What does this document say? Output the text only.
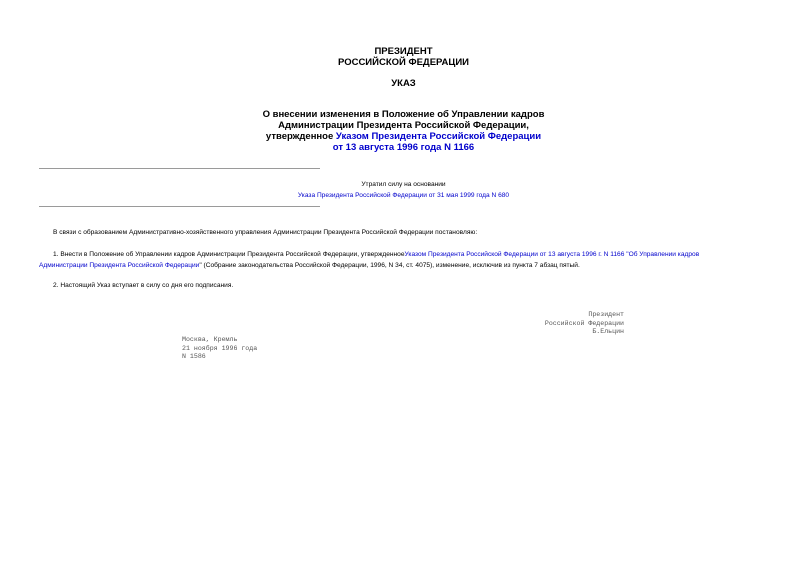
ПРЕЗИДЕНТ
РОССИЙСКОЙ ФЕДЕРАЦИИ
УКАЗ
О внесении изменения в Положение об Управлении кадров
Администрации Президента Российской Федерации,
утвержденное Указом Президента Российской Федерации
от 13 августа 1996 года N 1166
Утратил силу на основании
Указа Президента Российской Федерации от 31 мая 1999 года N 680
В связи с образованием Административно-хозяйственного управления Администрации Президента Российской Федерации постановляю:
1. Внести в Положение об Управлении кадров Администрации Президента Российской Федерации, утвержденноеУказом Президента Российской Федерации от 13 августа 1996 г. N 1166 "Об Управлении кадров
Администрации Президента Российской Федерации" (Собрание законодательства Российской Федерации, 1996, N 34, ст. 4075), изменение, исключив из пункта 7 абзац пятый.
2. Настоящий Указ вступает в силу со дня его подписания.
Президент
Российской Федерации
Б.Ельцин
Москва, Кремль
21 ноября 1996 года
N 1586
